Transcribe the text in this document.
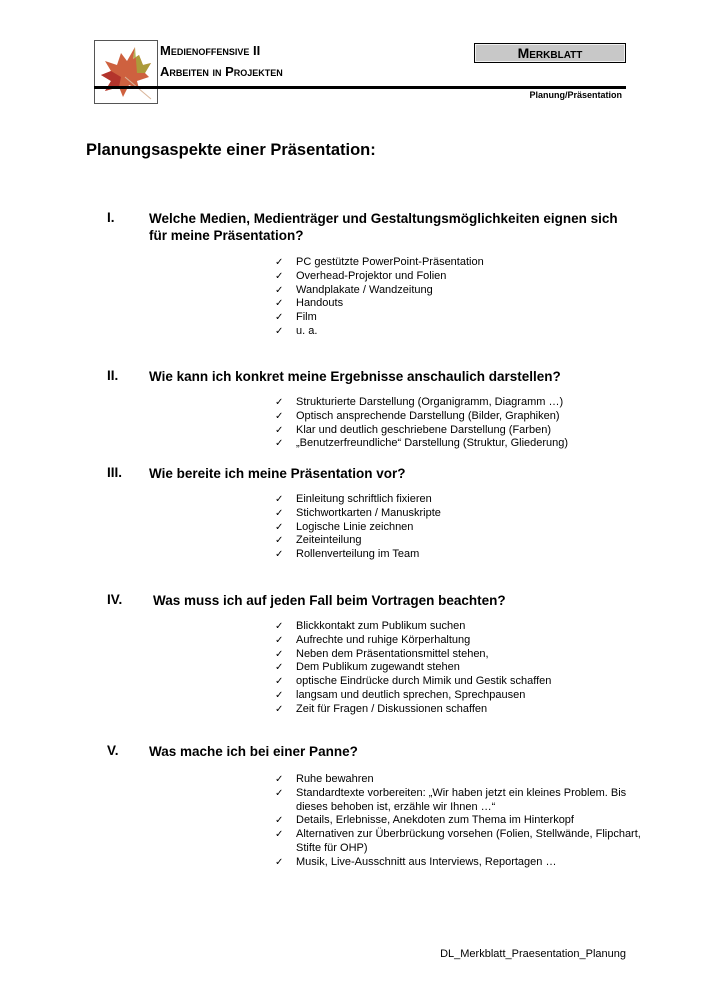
Medienoffensive II
Arbeiten in Projekten
Merkblatt
Planung/Präsentation
Planungsaspekte einer Präsentation:
I.	Welche Medien, Medienträger und Gestaltungsmöglichkeiten eignen sich für meine Präsentation?
✓ PC gestützte PowerPoint-Präsentation
✓ Overhead-Projektor und Folien
✓ Wandplakate / Wandzeitung
✓ Handouts
✓ Film
✓ u. a.
II. Wie kann ich konkret meine Ergebnisse anschaulich darstellen?
✓ Strukturierte Darstellung (Organigramm, Diagramm …)
✓ Optisch ansprechende Darstellung (Bilder, Graphiken)
✓ Klar und deutlich geschriebene Darstellung (Farben)
✓ „Benutzerfreundliche“ Darstellung (Struktur, Gliederung)
III. Wie bereite ich meine Präsentation vor?
✓ Einleitung schriftlich fixieren
✓ Stichwortkarten / Manuskripte
✓ Logische Linie zeichnen
✓ Zeiteinteilung
✓ Rollenverteilung im Team
IV. Was muss ich auf jeden Fall beim Vortragen beachten?
✓ Blickkontakt zum Publikum suchen
✓ Aufrechte und ruhige Körperhaltung
✓ Neben dem Präsentationsmittel stehen,
✓ Dem Publikum zugewandt stehen
✓ optische Eindrücke durch Mimik und Gestik schaffen
✓ langsam und deutlich sprechen, Sprechpausen
✓ Zeit für Fragen / Diskussionen schaffen
V. Was mache ich bei einer Panne?
✓ Ruhe bewahren
✓ Standardtexte vorbereiten: „Wir haben jetzt ein kleines Problem. Bis dieses behoben ist, erzähle wir Ihnen …“
✓ Details, Erlebnisse, Anekdoten zum Thema im Hinterkopf
✓ Alternativen zur Überbrückung vorsehen (Folien, Stellwände, Flipchart, Stifte für OHP)
✓ Musik, Live-Ausschnitt aus Interviews, Reportagen …
DL_Merkblatt_Praesentation_Planung
